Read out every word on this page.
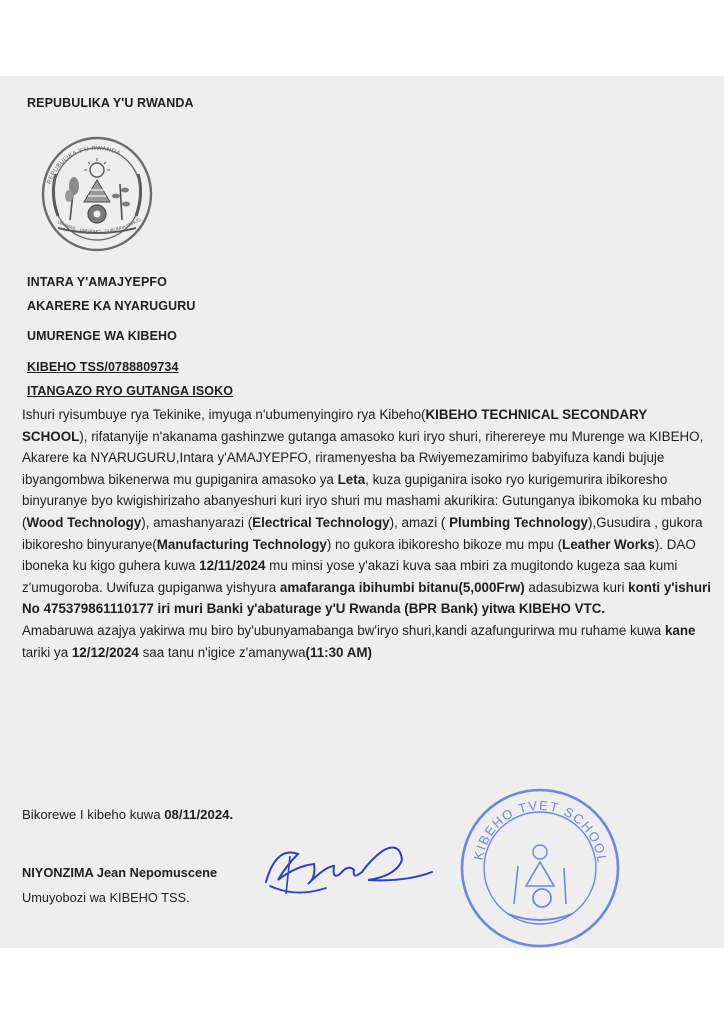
REPUBULIKA Y'U RWANDA
REPUBULIKA Y'U RWANDA
UBUMWE · UMURIMO · GUKUNDA IGIHUG
INTARA Y'AMAJYEPFO
AKARERE KA NYARUGURU
UMURENGE WA KIBEHO
KIBEHO TSS/0788809734
ITANGAZO RYO GUTANGA ISOKO

Ishuri ryisumbuye rya Tekinike, imyuga n'ubumenyingiro rya Kibeho(KIBEHO TECHNICAL SECONDARY SCHOOL), rifatanyije n'akanama gashinzwe gutanga amasoko kuri iryo shuri, riherereye mu Murenge wa KIBEHO, Akarere ka NYARUGURU,Intara y'AMAJYEPFO, riramenyesha ba Rwiyemezamirimo babyifuza kandi bujuje ibyangombwa bikenerwa mu gupiganira amasoko ya Leta, kuza gupiganira isoko ryo kurigemurira ibikoresho binyuranye byo kwigishirizaho abanyeshuri kuri iryo shuri mu mashami akurikira: Gutunganya ibikomoka ku mbaho (Wood Technology), amashanyarazi (Electrical Technology), amazi ( Plumbing Technology),Gusudira , gukora ibikoresho binyuranye(Manufacturing Technology) no gukora ibikoresho bikoze mu mpu (Leather Works). DAO iboneka ku kigo guhera kuwa 12/11/2024 mu minsi yose y'akazi kuva saa mbiri za mugitondo kugeza saa kumi z'umugoroba. Uwifuza gupiganwa yishyura amafaranga ibihumbi bitanu(5,000Frw) adasubizwa kuri konti y'ishuri No 475379861110177 iri muri Banki y'abaturage y'U Rwanda (BPR Bank) yitwa KIBEHO VTC.
Amabaruwa azajya yakirwa mu biro by'ubunyamabanga bw'iryo shuri,kandi azafungurirwa mu ruhame kuwa kane tariki ya 12/12/2024 saa tanu n'igice z'amanywa(11:30 AM)

Bikorewe I kibeho kuwa 08/11/2024.
NIYONZIMA Jean Nepomuscene
Umuyobozi wa KIBEHO TSS.
KIBEHO TVET SCHOOL
